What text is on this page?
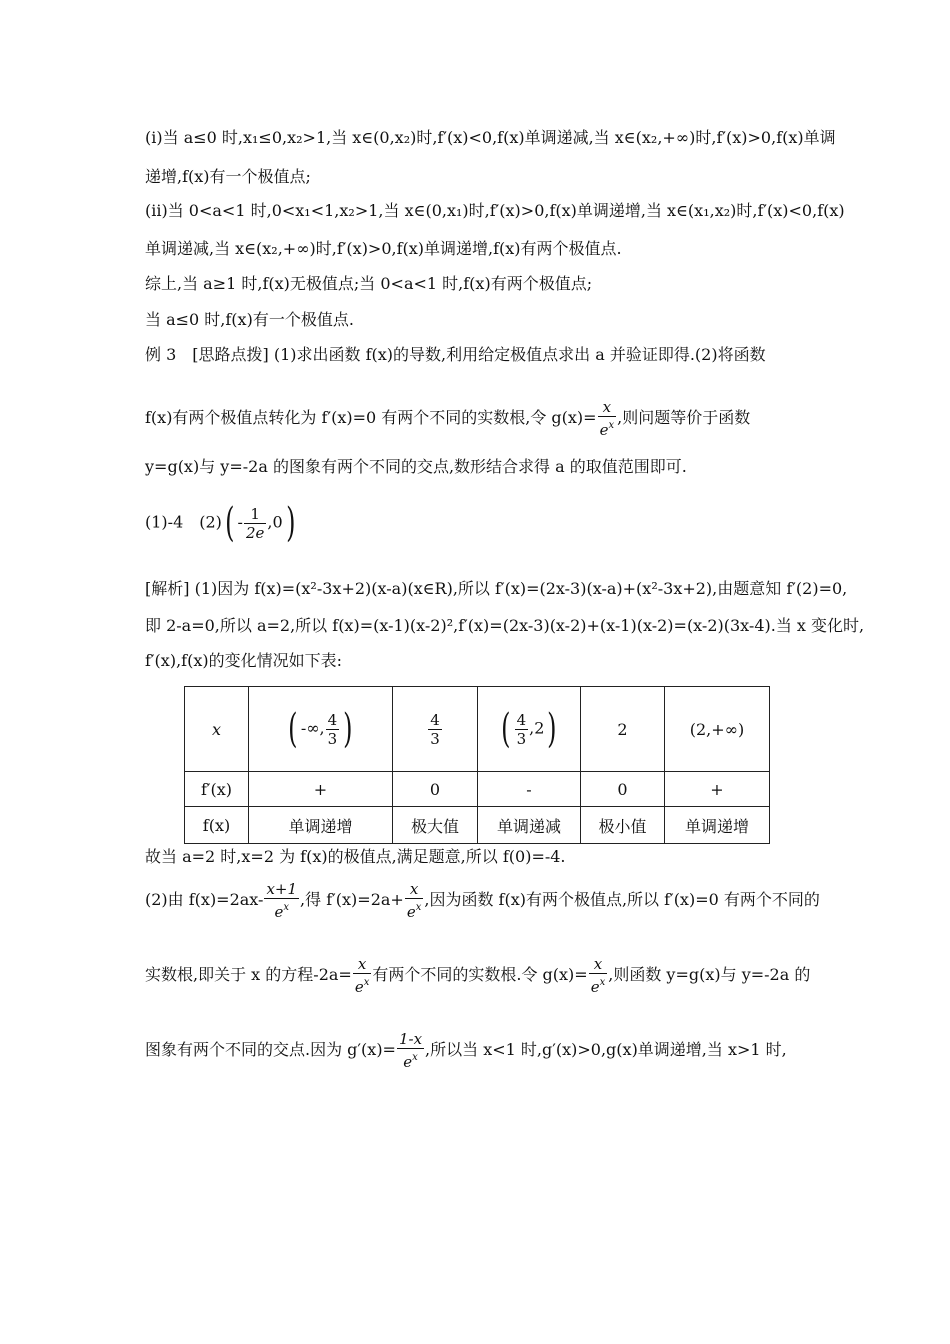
(i)当 a≤0 时,x₁≤0,x₂>1,当 x∈(0,x₂)时,f′(x)<0,f(x)单调递减,当 x∈(x₂,+∞)时,f′(x)>0,f(x)单调
递增,f(x)有一个极值点;
(ii)当 0<a<1 时,0<x₁<1,x₂>1,当 x∈(0,x₁)时,f′(x)>0,f(x)单调递增,当 x∈(x₁,x₂)时,f′(x)<0,f(x)
单调递减,当 x∈(x₂,+∞)时,f′(x)>0,f(x)单调递增,f(x)有两个极值点.
综上,当 a≥1 时,f(x)无极值点;当 0<a<1 时,f(x)有两个极值点;
当 a≤0 时,f(x)有一个极值点.
例 3　[思路点拨] (1)求出函数 f(x)的导数,利用给定极值点求出 a 并验证即得.(2)将函数
f(x)有两个极值点转化为 f′(x)=0 有两个不同的实数根,令 $g(x)= \frac{x}{e^x}$ ,则问题等价于函数
y=g(x)与 y=-2a 的图象有两个不同的交点,数形结合求得 a 的取值范围即可.
(1)-4　$(2)( - \frac{1}{2e} ,0)$
[解析] (1)因为 f(x)=(x²-3x+2)(x-a)(x∈R),所以 f′(x)=(2x-3)(x-a)+(x²-3x+2),由题意知 f′(2)=0,
即 2-a=0,所以 a=2,所以 f(x)=(x-1)(x-2)²,f′(x)=(2x-3)(x-2)+(x-1)(x-2)=(x-2)(3x-4).当 x 变化时,
f′(x),f(x)的变化情况如下表:
x	( -∞, $\frac{4}{3}$ )	$\frac{4}{3}$	( $\frac{4}{3} ,2$)	2	(2,+∞)
f′(x)	+	0	-	0	+
f(x)	单调递增	极大值	单调递减	极小值	单调递增
故当 a=2 时,x=2 为 f(x)的极值点,满足题意,所以 f(0)=-4.
(2)由 $f(x)=2ax- \frac{x+1}{e^x}$ ,得 $f'(x)=2a+ \frac{x}{e^x}$ ,因为函数 f(x)有两个极值点,所以 f′(x)=0 有两个不同的
实数根,即关于 x 的方程$-2a= \frac{x}{e^x}$ 有两个不同的实数根.令 $g(x)= \frac{x}{e^x}$ ,则函数 y=g(x)与 y=-2a 的
图象有两个不同的交点.因为 $g'(x)= \frac{1-x}{e^x}$ ,所以当 x<1 时,g′(x)>0,g(x)单调递增,当 x>1 时,
